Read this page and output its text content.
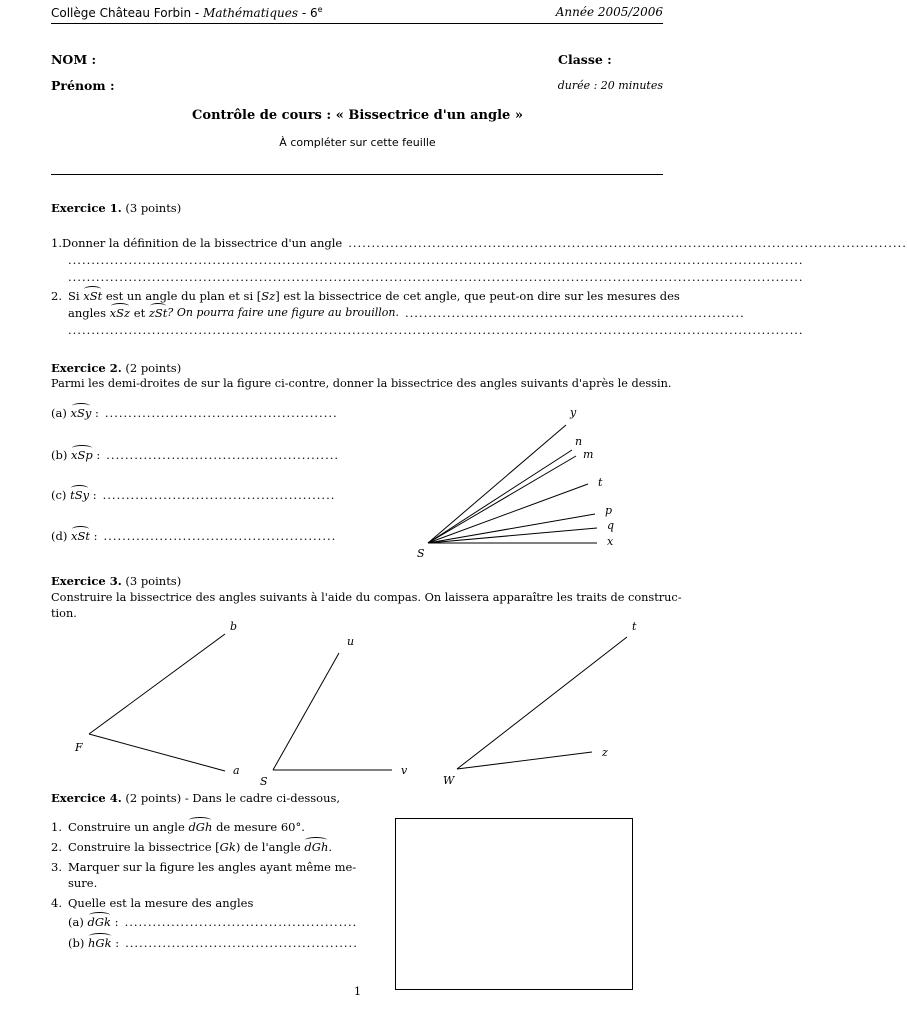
Collège Château Forbin - Mathématiques - 6e	Année 2005/2006
NOM :
Prénom :
Classe :
durée : 20 minutes
Contrôle de cours : « Bissectrice d'un angle »
À compléter sur cette feuille
Exercice 1. (3 points)
1. Donner la définition de la bissectrice d'un angle ........................................................................................................................
..............................................................................................................................................................
..............................................................................................................................................................
2. Si xSt est un angle du plan et si [Sz] est la bissectrice de cet angle, que peut-on dire sur les mesures des
angles
xSz
et
zSt ? On pourra faire une figure au brouillon. .........................................................................
..............................................................................................................................................................
Exercice 2. (2 points)
Parmi les demi-droites de sur la figure ci-contre, donner la bissectrice des angles suivants d'après le dessin.
(a)
xSy : ..................................................
(b)
xSp : ..................................................
(c)
tSy : ..................................................
(d)
xSt : ..................................................
y
n
m
t
p
q
x
S
b
F
a
u
S
v
t
W
z
Exercice 3. (3 points)
Construire la bissectrice des angles suivants à l'aide du compas. On laissera apparaître les traits de construc-
tion.
Exercice 4. (2 points) - Dans le cadre ci-dessous,
1. Construire un angle dGh de mesure 60°.
2. Construire la bissectrice [Gk) de l'angle dGh.
3. Marquer sur la figure les angles ayant même me-
sure.
4. Quelle est la mesure des angles
(a)
dGk : ..................................................
(b)
hGk : ..................................................
1
